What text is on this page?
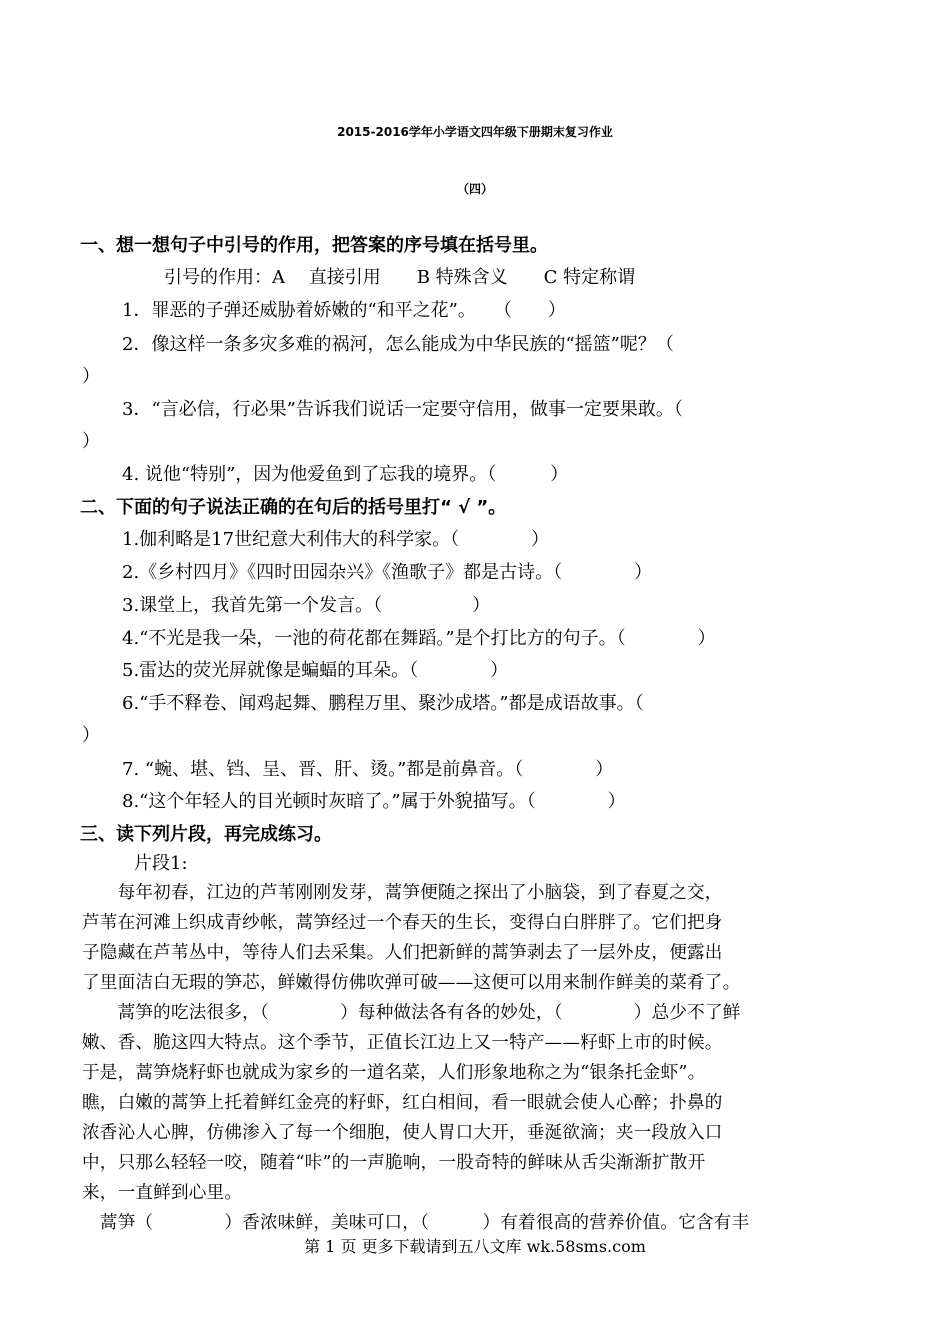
2015-2016学年小学语文四年级下册期末复习作业
（四）
一、想一想句子中引号的作用，把答案的序号填在括号里。
引号的作用：A　 直接引用　　B 特殊含义　　C 特定称谓
1．罪恶的子弹还威胁着娇嫩的“和平之花”。　　（　　）
2．像这样一条多灾多难的祸河，怎么能成为中华民族的“摇篮”呢？（
）
3．“言必信，行必果”告诉我们说话一定要守信用，做事一定要果敢。（
）
4. 说他“特别”，因为他爱鱼到了忘我的境界。（　　　）
二、下面的句子说法正确的在句后的括号里打“ √ ”。
1.伽利略是17世纪意大利伟大的科学家。（　　　　）
2.《乡村四月》《四时田园杂兴》《渔歌子》都是古诗。（　　　　）
3.课堂上，我首先第一个发言。（　　　　　）
4.“不光是我一朵，一池的荷花都在舞蹈。”是个打比方的句子。（　　　　）
5.雷达的荧光屏就像是蝙蝠的耳朵。（　　　　）
6.“手不释卷、闻鸡起舞、鹏程万里、聚沙成塔。”都是成语故事。（
）
7. “蜿、堪、铛、呈、晋、肝、烫。”都是前鼻音。（　　　　）
8.“这个年轻人的目光顿时灰暗了。”属于外貌描写。（　　　　）
三、读下列片段，再完成练习。
片段1:
　　每年初春，江边的芦苇刚刚发芽，蒿笋便随之探出了小脑袋，到了春夏之交，
芦苇在河滩上织成青纱帐，蒿笋经过一个春天的生长，变得白白胖胖了。它们把身
子隐藏在芦苇丛中，等待人们去采集。人们把新鲜的蒿笋剥去了一层外皮，便露出
了里面洁白无瑕的笋芯，鲜嫩得仿佛吹弹可破——这便可以用来制作鲜美的菜肴了。
　　蒿笋的吃法很多，（　　　　）每种做法各有各的妙处，（　　　　）总少不了鲜
嫩、香、脆这四大特点。这个季节，正值长江边上又一特产——籽虾上市的时候。
于是，蒿笋烧籽虾也就成为家乡的一道名菜，人们形象地称之为“银条托金虾”。
瞧，白嫩的蒿笋上托着鲜红金亮的籽虾，红白相间，看一眼就会使人心醉；扑鼻的
浓香沁人心脾，仿佛渗入了每一个细胞，使人胃口大开，垂涎欲滴；夹一段放入口
中，只那么轻轻一咬，随着“咔”的一声脆响，一股奇特的鲜味从舌尖渐渐扩散开
来，一直鲜到心里。
　蒿笋（　　　　）香浓味鲜，美味可口，（　　　）有着很高的营养价值。它含有丰
第 1 页 更多下载请到五八文库 wk.58sms.com
